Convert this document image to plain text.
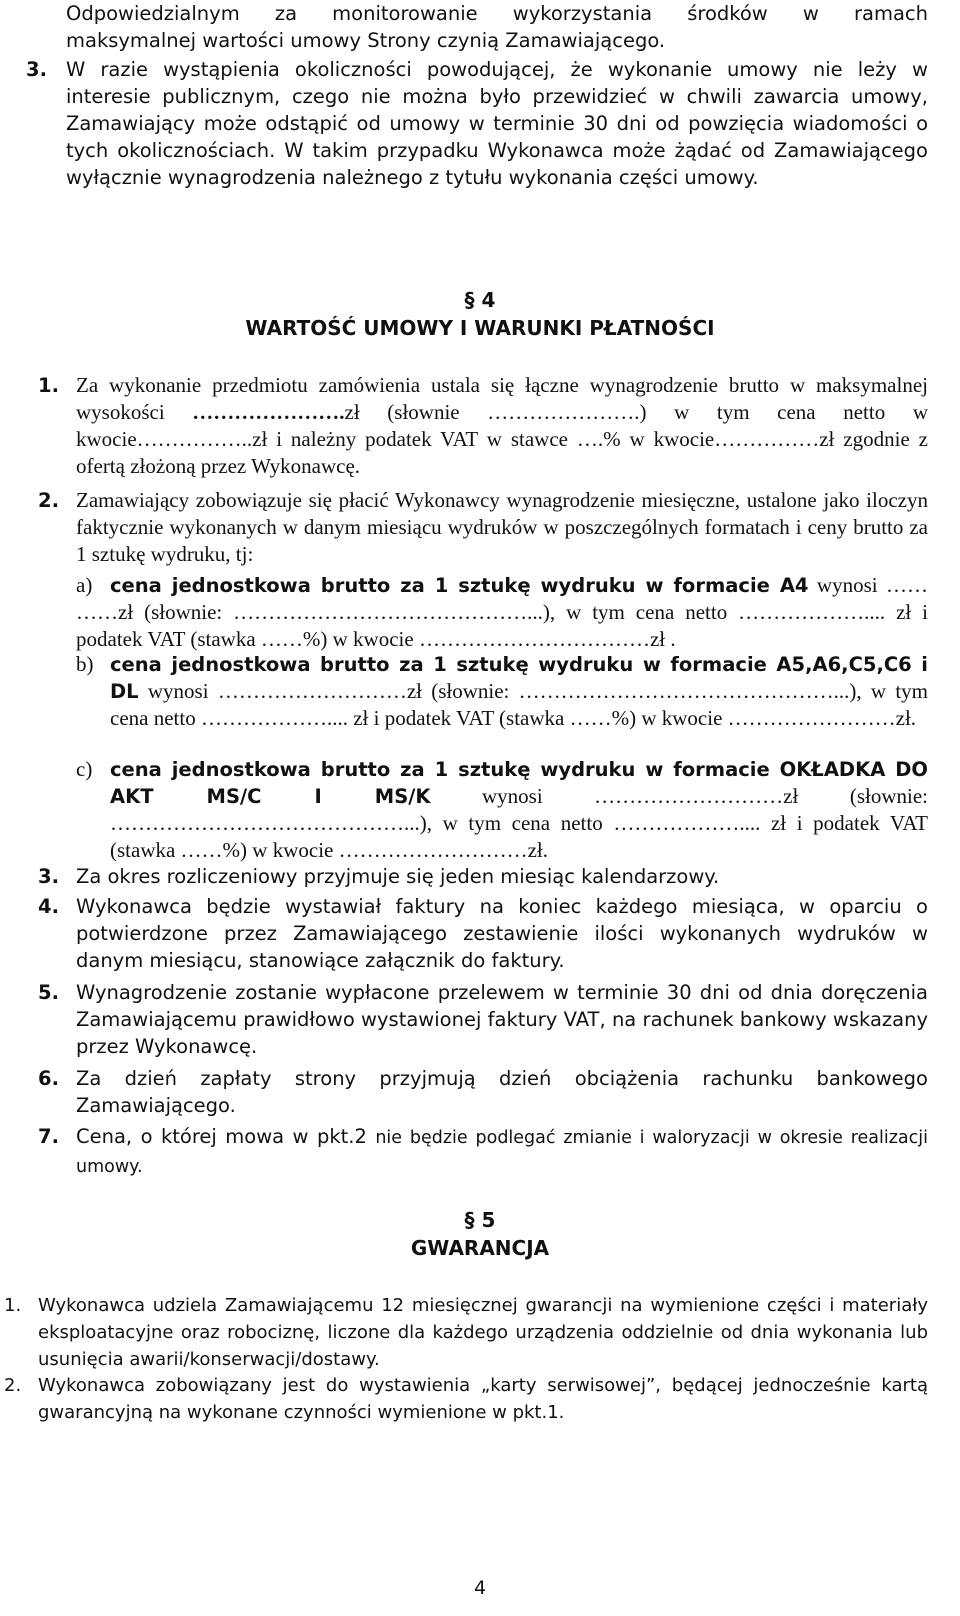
Odpowiedzialnym za monitorowanie wykorzystania środków w ramach
maksymalnej wartości umowy Strony czynią Zamawiającego.
3. W razie wystąpienia okoliczności powodującej, że wykonanie umowy nie leży w interesie publicznym, czego nie można było przewidzieć w chwili zawarcia umowy, Zamawiający może odstąpić od umowy w terminie 30 dni od powzięcia wiadomości o tych okolicznościach. W takim przypadku Wykonawca może żądać od Zamawiającego wyłącznie wynagrodzenia należnego z tytułu wykonania części umowy.
§ 4
WARTOŚĆ UMOWY I WARUNKI PŁATNOŚCI
1. Za wykonanie przedmiotu zamówienia ustala się łączne wynagrodzenie brutto w maksymalnej wysokości ………………….zł (słownie ………………….) w tym cena netto w kwocie……………..zł i należny podatek VAT w stawce ….% w kwocie……………zł zgodnie z ofertą złożoną przez Wykonawcę.
2. Zamawiający zobowiązuje się płacić Wykonawcy wynagrodzenie miesięczne, ustalone jako iloczyn faktycznie wykonanych w danym miesiącu wydruków w poszczególnych formatach i ceny brutto za 1 sztukę wydruku, tj:
a) cena jednostkowa brutto za 1 sztukę wydruku w formacie A4 wynosi …… ……zł (słownie: ……………………………………...), w tym cena netto ……………….... zł i podatek VAT (stawka ……%) w kwocie ……………………………zł .
b) cena jednostkowa brutto za 1 sztukę wydruku w formacie A5,A6,C5,C6 i DL wynosi ………………………zł (słownie: ………………………………………...), w tym cena netto ……………….... zł i podatek VAT (stawka ……%) w kwocie ……………………zł.
c) cena jednostkowa brutto za 1 sztukę wydruku w formacie OKŁADKA DO AKT MS/C I MS/K wynosi ………………………zł (słownie: ……………………………………...), w tym cena netto ……………….... zł i podatek VAT (stawka ……%) w kwocie ………………………zł.
3. Za okres rozliczeniowy przyjmuje się jeden miesiąc kalendarzowy.
4. Wykonawca będzie wystawiał faktury na koniec każdego miesiąca, w oparciu o potwierdzone przez Zamawiającego zestawienie ilości wykonanych wydruków w danym miesiącu, stanowiące załącznik do faktury.
5. Wynagrodzenie zostanie wypłacone przelewem w terminie 30 dni od dnia doręczenia Zamawiającemu prawidłowo wystawionej faktury VAT, na rachunek bankowy wskazany przez Wykonawcę.
6. Za dzień zapłaty strony przyjmują dzień obciążenia rachunku bankowego Zamawiającego.
7. Cena, o której mowa w pkt.2 nie będzie podlegać zmianie i waloryzacji w okresie realizacji umowy.
§ 5
GWARANCJA
1. Wykonawca udziela Zamawiającemu 12 miesięcznej gwarancji na wymienione części i materiały eksploatacyjne oraz robociznę, liczone dla każdego urządzenia oddzielnie od dnia wykonania lub usunięcia awarii/konserwacji/dostawy.
2. Wykonawca zobowiązany jest do wystawienia „karty serwisowej”, będącej jednocześnie kartą gwarancyjną na wykonane czynności wymienione w pkt.1.
4
